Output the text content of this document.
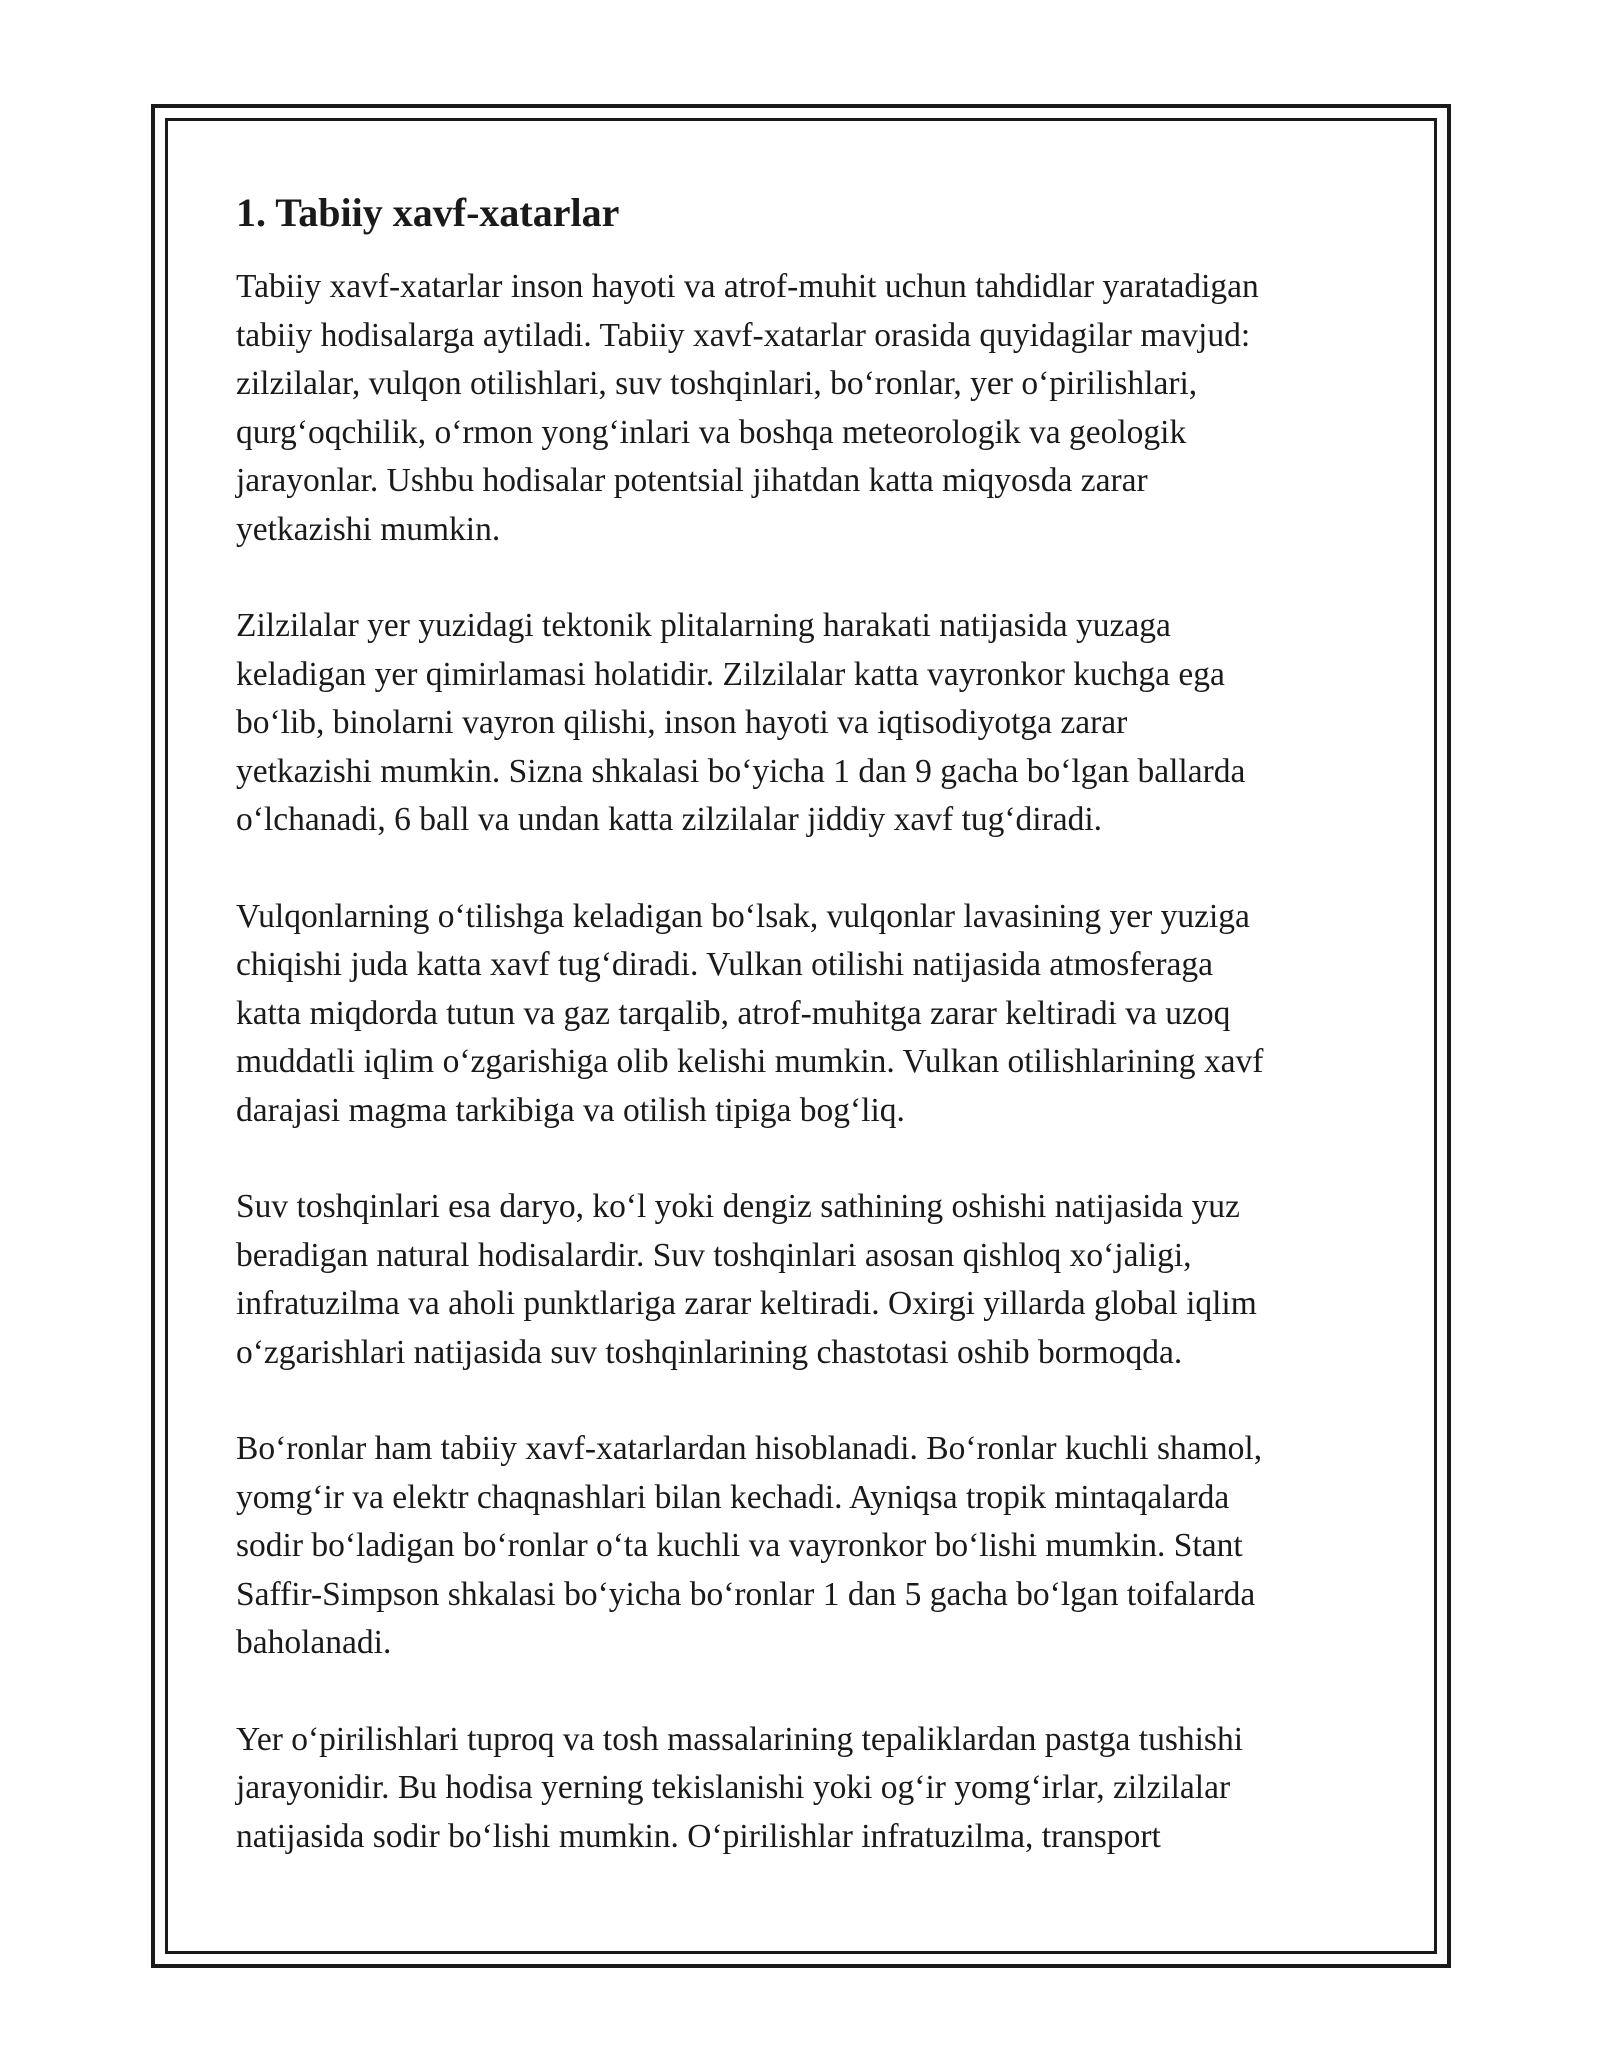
1. Tabiiy xavf-xatarlar

Tabiiy xavf-xatarlar inson hayoti va atrof-muhit uchun tahdidlar yaratadigan
tabiiy hodisalarga aytiladi. Tabiiy xavf-xatarlar orasida quyidagilar mavjud:
zilzilalar, vulqon otilishlari, suv toshqinlari, bo‘ronlar, yer o‘pirilishlari,
qurg‘oqchilik, o‘rmon yong‘inlari va boshqa meteorologik va geologik
jarayonlar. Ushbu hodisalar potentsial jihatdan katta miqyosda zarar
yetkazishi mumkin.

Zilzilalar yer yuzidagi tektonik plitalarning harakati natijasida yuzaga
keladigan yer qimirlamasi holatidir. Zilzilalar katta vayronkor kuchga ega
bo‘lib, binolarni vayron qilishi, inson hayoti va iqtisodiyotga zarar
yetkazishi mumkin. Sizna shkalasi bo‘yicha 1 dan 9 gacha bo‘lgan ballarda
o‘lchanadi, 6 ball va undan katta zilzilalar jiddiy xavf tug‘diradi.

Vulqonlarning o‘tilishga keladigan bo‘lsak, vulqonlar lavasining yer yuziga
chiqishi juda katta xavf tug‘diradi. Vulkan otilishi natijasida atmosferaga
katta miqdorda tutun va gaz tarqalib, atrof-muhitga zarar keltiradi va uzoq
muddatli iqlim o‘zgarishiga olib kelishi mumkin. Vulkan otilishlarining xavf
darajasi magma tarkibiga va otilish tipiga bog‘liq.

Suv toshqinlari esa daryo, ko‘l yoki dengiz sathining oshishi natijasida yuz
beradigan natural hodisalardir. Suv toshqinlari asosan qishloq xo‘jaligi,
infratuzilma va aholi punktlariga zarar keltiradi. Oxirgi yillarda global iqlim
o‘zgarishlari natijasida suv toshqinlarining chastotasi oshib bormoqda.

Bo‘ronlar ham tabiiy xavf-xatarlardan hisoblanadi. Bo‘ronlar kuchli shamol,
yomg‘ir va elektr chaqnashlari bilan kechadi. Ayniqsa tropik mintaqalarda
sodir bo‘ladigan bo‘ronlar o‘ta kuchli va vayronkor bo‘lishi mumkin. Stant
Saffir-Simpson shkalasi bo‘yicha bo‘ronlar 1 dan 5 gacha bo‘lgan toifalarda
baholanadi.

Yer o‘pirilishlari tuproq va tosh massalarining tepaliklardan pastga tushishi
jarayonidir. Bu hodisa yerning tekislanishi yoki og‘ir yomg‘irlar, zilzilalar
natijasida sodir bo‘lishi mumkin. O‘pirilishlar infratuzilma, transport
